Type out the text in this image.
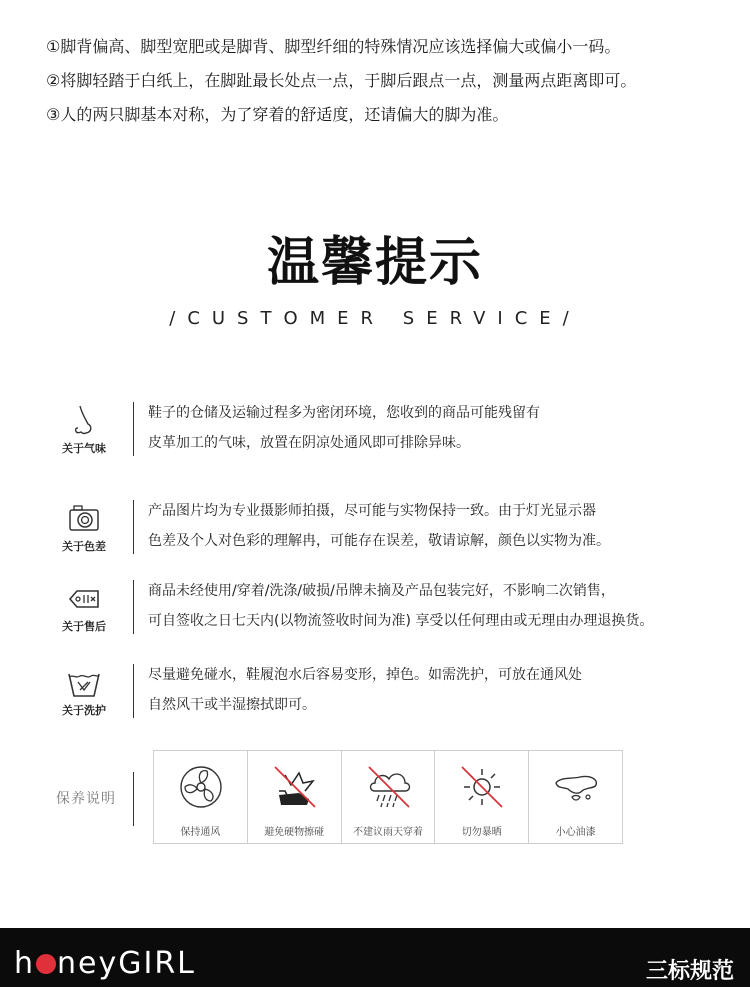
①脚背偏高、脚型宽肥或是脚背、脚型纤细的特殊情况应该选择偏大或偏小一码。
②将脚轻踏于白纸上，在脚趾最长处点一点，于脚后跟点一点，测量两点距离即可。
③人的两只脚基本对称，为了穿着的舒适度，还请偏大的脚为准。
温馨提示
/CUSTOMER SERVICE/
关于气味
鞋子的仓储及运输过程多为密闭环境，您收到的商品可能残留有
皮革加工的气味，放置在阴凉处通风即可排除异味。
关于色差
产品图片均为专业摄影师拍摄，尽可能与实物保持一致。由于灯光显示器
色差及个人对色彩的理解冉，可能存在误差，敬请谅解，颜色以实物为准。
关于售后
商品未经使用/穿着/洗涤/破损/吊牌未摘及产品包装完好，不影响二次销售，
可自签收之日七天内(以物流签收时间为准) 享受以任何理由或无理由办理退换货。
关于洗护
尽量避免碰水，鞋履泡水后容易变形，掉色。如需洗护，可放在通风处
自然风干或半湿擦拭即可。
保养说明
保持通风	避免硬物擦碰	不建议雨天穿着	切勿暴晒	小心油漆
h neyGIRL	三标规范
